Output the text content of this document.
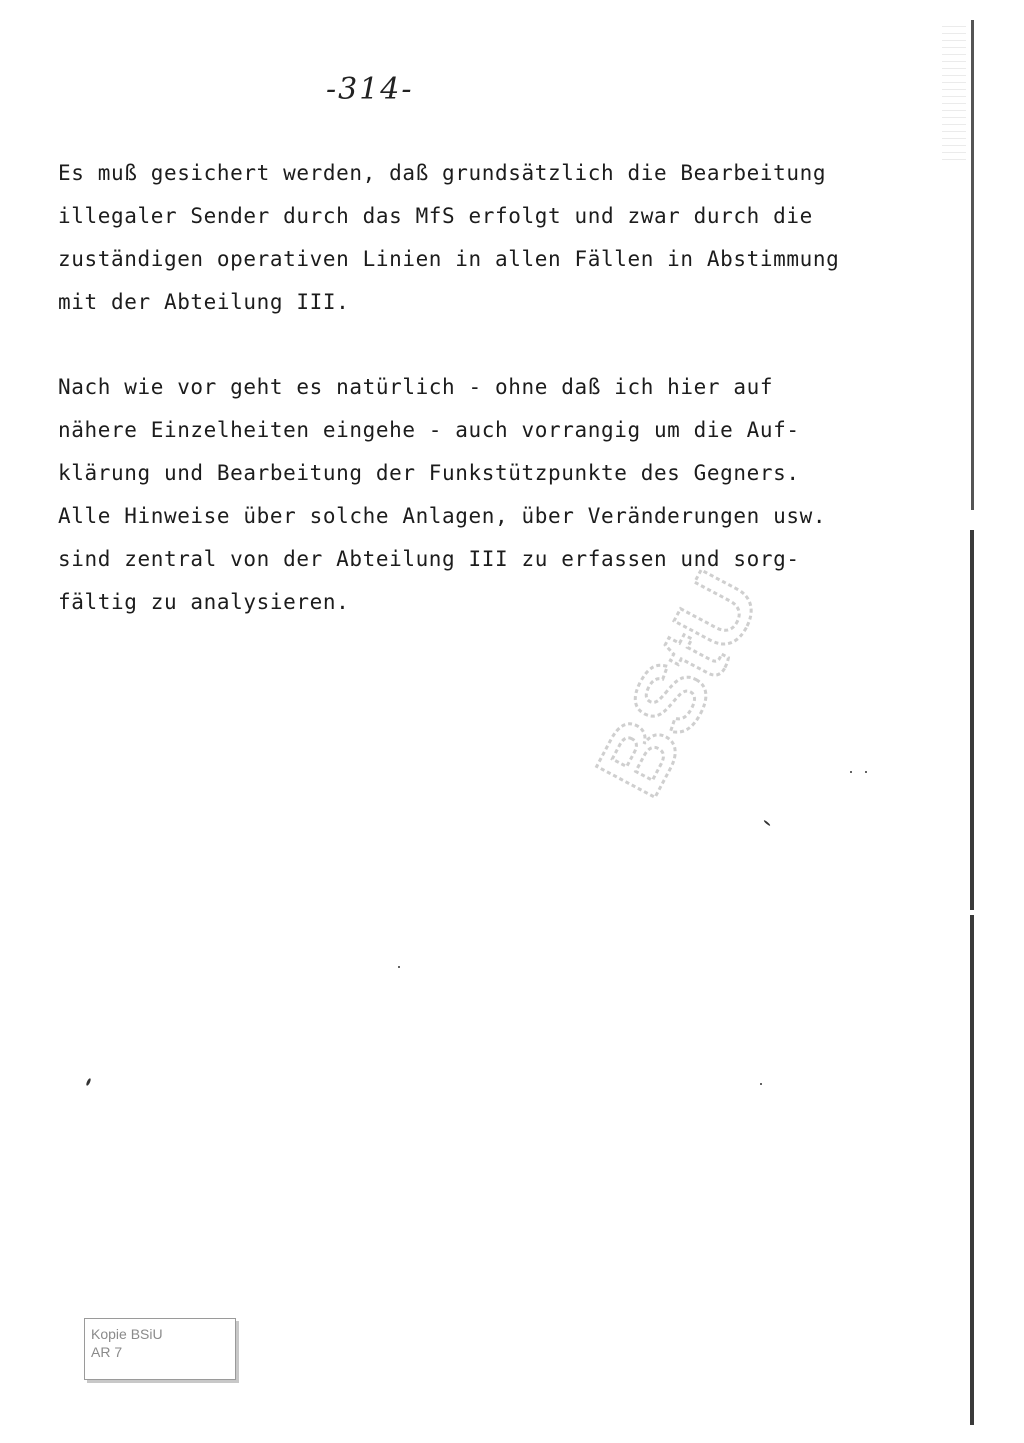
-314-
Es muß gesichert werden, daß grundsätzlich die Bearbeitung
illegaler Sender durch das MfS erfolgt und zwar durch die
zuständigen operativen Linien in allen Fällen in Abstimmung
mit der Abteilung III.
Nach wie vor geht es natürlich - ohne daß ich hier auf
nähere Einzelheiten eingehe - auch vorrangig um die Auf-
klärung und Bearbeitung der Funkstützpunkte des Gegners.
Alle Hinweise über solche Anlagen, über Veränderungen usw.
sind zentral von der Abteilung III zu erfassen und sorg-
fältig zu analysieren.	BStU
Kopie BSiU
AR 7
